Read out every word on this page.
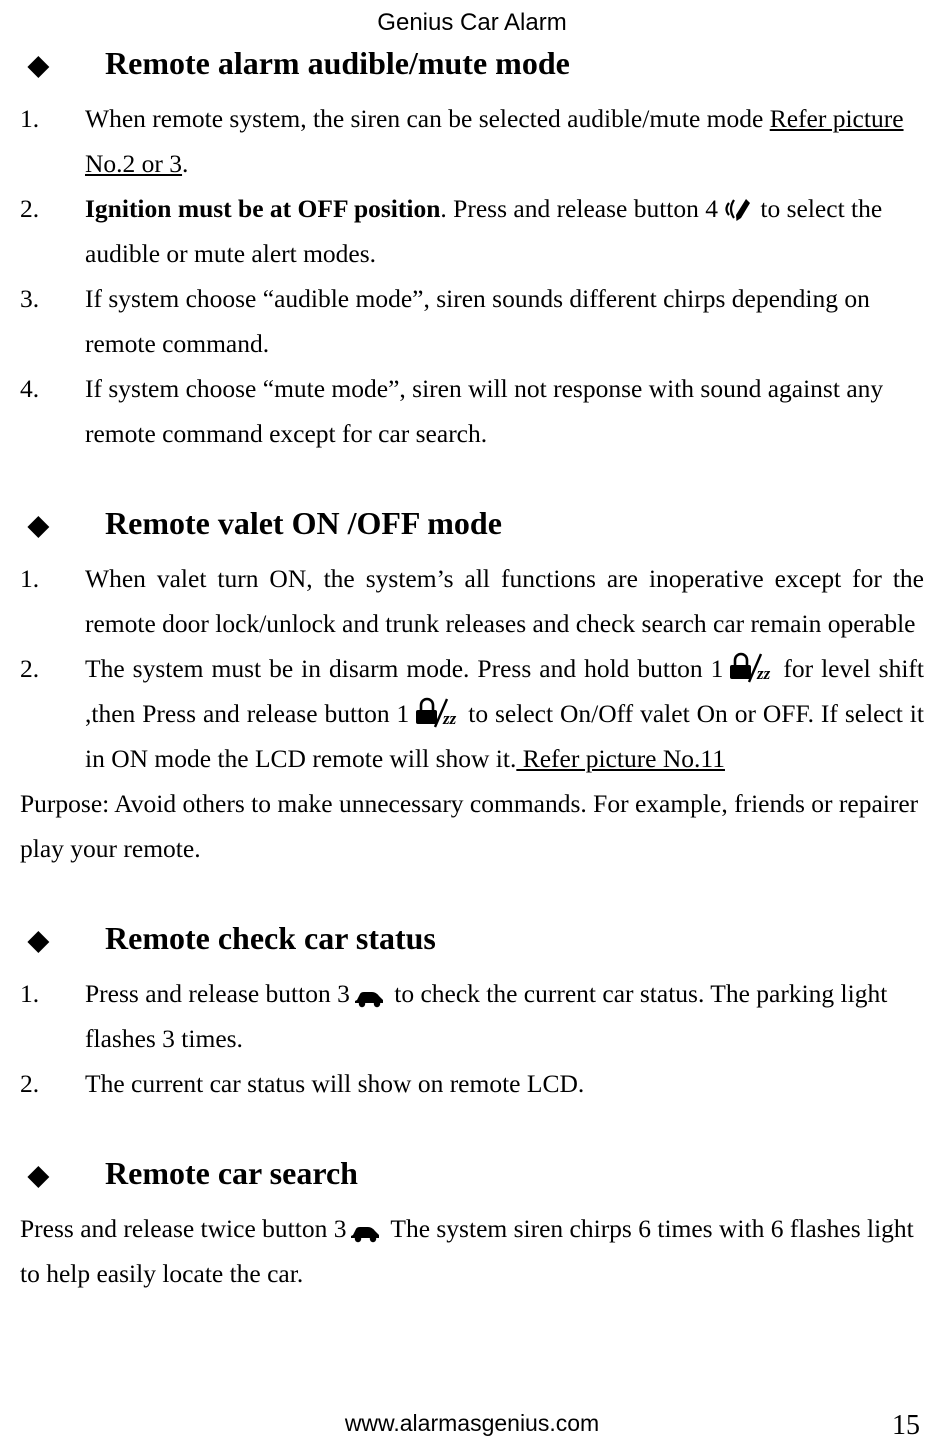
Genius Car Alarm
◆	Remote alarm audible/mute mode
1.	When remote system, the siren can be selected audible/mute mode Refer picture No.2 or 3.
2.	Ignition must be at OFF position. Press and release button 4 to select the audible or mute alert modes.
3.	If system choose “audible mode”, siren sounds different chirps depending on remote command.
4.	If system choose “mute mode”, siren will not response with sound against any remote command except for car search.
◆	Remote valet ON /OFF mode
1.	When valet turn ON, the system’s all functions are inoperative except for the remote door lock/unlock and trunk releases and check search car remain operable
2.	The system must be in disarm mode. Press and hold button 1 zz for level shift ,then Press and release button 1 zz to select On/Off valet On or OFF. If select it in ON mode the LCD remote will show it. Refer picture No.11
Purpose: Avoid others to make unnecessary commands. For example, friends or repairer play your remote.
◆	Remote check car status
1.	Press and release button 3 to check the current car status. The parking light flashes 3 times.
2.	The current car status will show on remote LCD.
◆	Remote car search
Press and release twice button 3 The system siren chirps 6 times with 6 flashes light to help easily locate the car.
www.alarmasgenius.com	15
